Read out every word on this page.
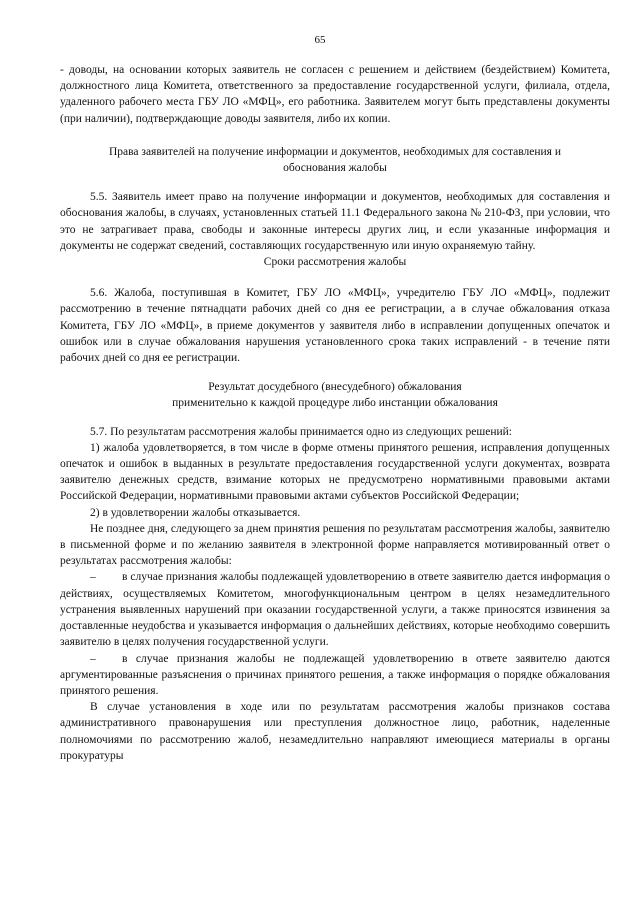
65

- доводы, на основании которых заявитель не согласен с решением и действием (бездействием) Комитета, должностного лица Комитета, ответственного за предоставление государственной услуги, филиала, отдела, удаленного рабочего места ГБУ ЛО «МФЦ», его работника. Заявителем могут быть представлены документы (при наличии), подтверждающие доводы заявителя, либо их копии.

Права заявителей на получение информации и документов, необходимых для составления и
обоснования жалобы

5.5. Заявитель имеет право на получение информации и документов, необходимых для составления и обоснования жалобы, в случаях, установленных статьей 11.1 Федерального закона № 210-ФЗ, при условии, что это не затрагивает права, свободы и законные интересы других лиц, и если указанные информация и документы не содержат сведений, составляющих государственную или иную охраняемую тайну.

Сроки рассмотрения жалобы

5.6. Жалоба, поступившая в Комитет, ГБУ ЛО «МФЦ», учредителю ГБУ ЛО «МФЦ», подлежит рассмотрению в течение пятнадцати рабочих дней со дня ее регистрации, а в случае обжалования отказа Комитета, ГБУ ЛО «МФЦ», в приеме документов у заявителя либо в исправлении допущенных опечаток и ошибок или в случае обжалования нарушения установленного срока таких исправлений - в течение пяти рабочих дней со дня ее регистрации.

Результат досудебного (внесудебного) обжалования
применительно к каждой процедуре либо инстанции обжалования

5.7. По результатам рассмотрения жалобы принимается одно из следующих решений:

1) жалоба удовлетворяется, в том числе в форме отмены принятого решения, исправления допущенных опечаток и ошибок в выданных в результате предоставления государственной услуги документах, возврата заявителю денежных средств, взимание которых не предусмотрено нормативными правовыми актами Российской Федерации, нормативными правовыми актами субъектов Российской Федерации;

2) в удовлетворении жалобы отказывается.

Не позднее дня, следующего за днем принятия решения по результатам рассмотрения жалобы, заявителю в письменной форме и по желанию заявителя в электронной форме направляется мотивированный ответ о результатах рассмотрения жалобы:

– в случае признания жалобы подлежащей удовлетворению в ответе заявителю дается информация о действиях, осуществляемых Комитетом, многофункциональным центром в целях незамедлительного устранения выявленных нарушений при оказании государственной услуги, а также приносятся извинения за доставленные неудобства и указывается информация о дальнейших действиях, которые необходимо совершить заявителю в целях получения государственной услуги.

– в случае признания жалобы не подлежащей удовлетворению в ответе заявителю даются аргументированные разъяснения о причинах принятого решения, а также информация о порядке обжалования принятого решения.

В случае установления в ходе или по результатам рассмотрения жалобы признаков состава административного правонарушения или преступления должностное лицо, работник, наделенные полномочиями по рассмотрению жалоб, незамедлительно направляют имеющиеся материалы в органы прокуратуры
